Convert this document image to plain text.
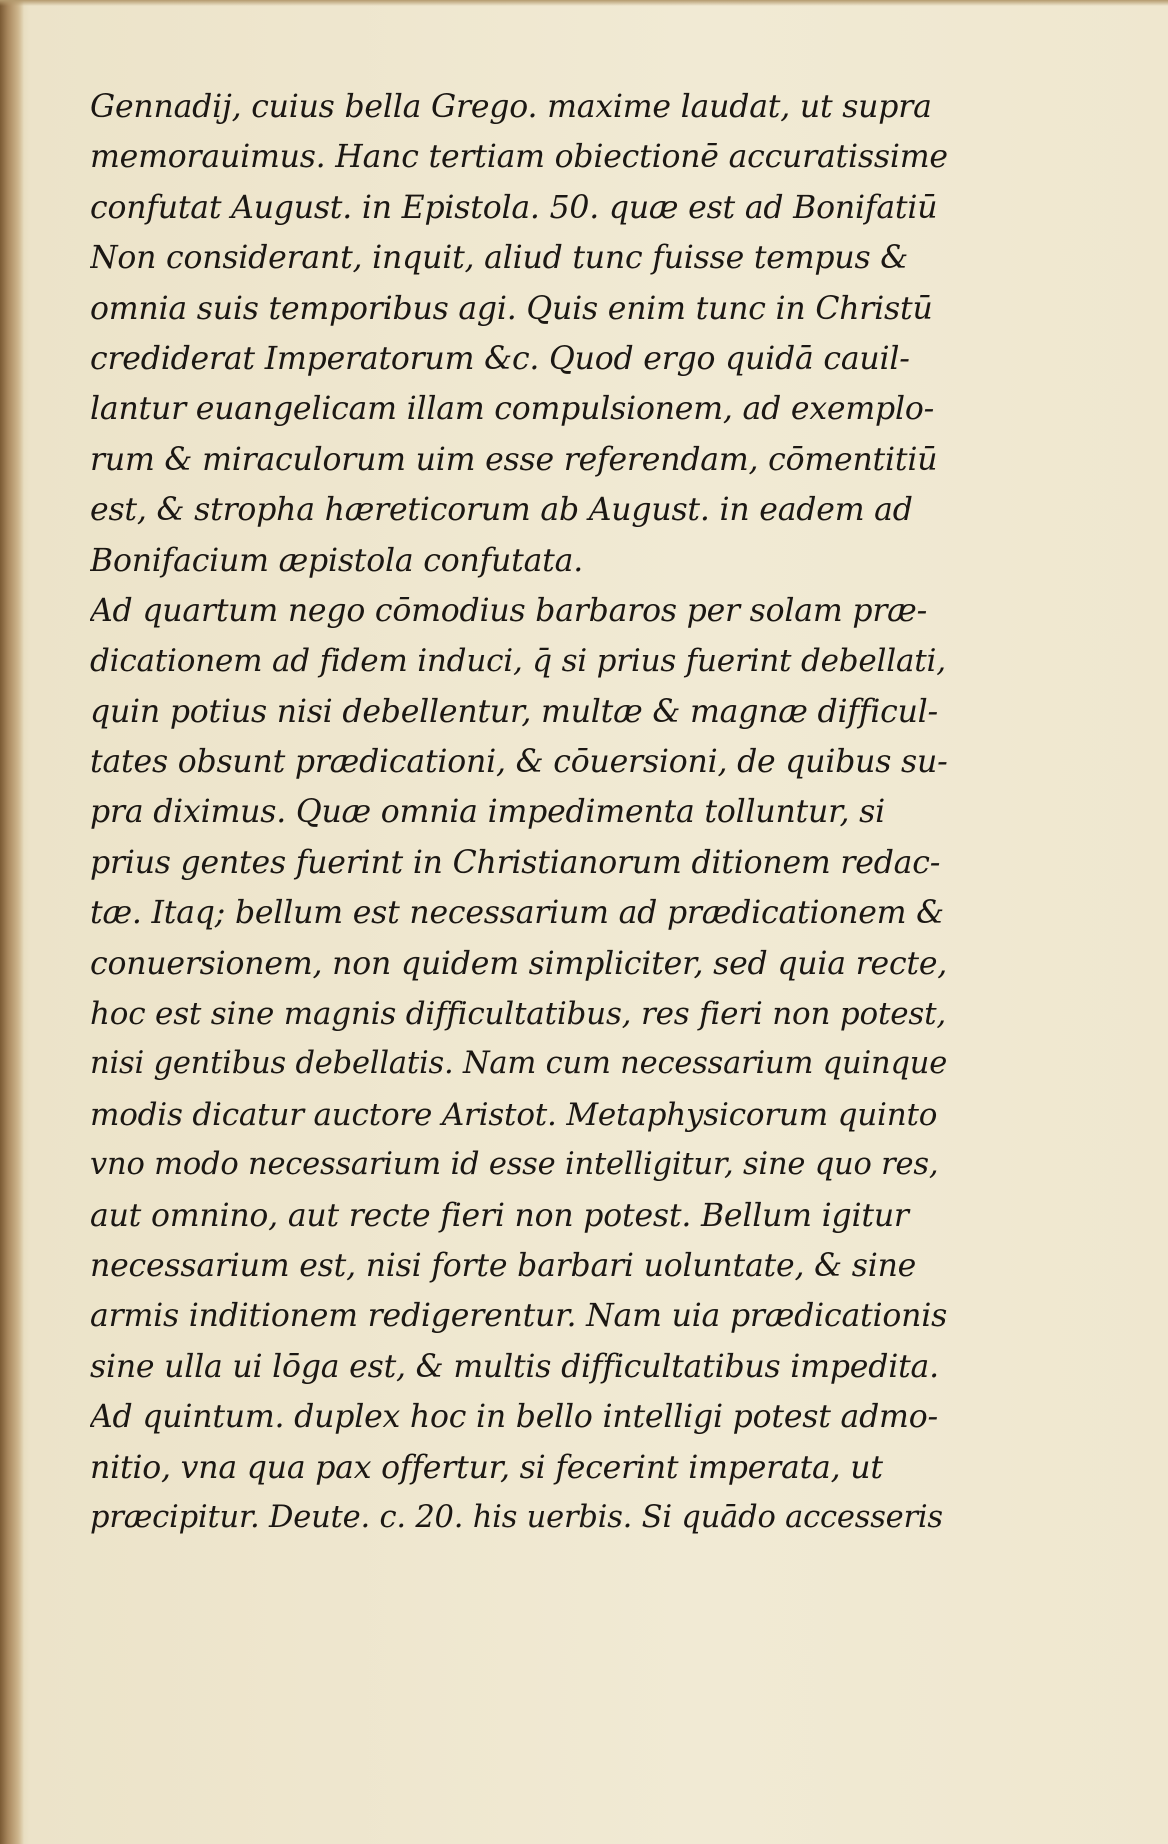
Gennadij, cuius bella Grego. maxime laudat, ut supra
memorauimus. Hanc tertiam obiectionē accuratissime
confutat August. in Epistola. 50. quæ est ad Bonifatiū
Non considerant, inquit, aliud tunc fuisse tempus &
omnia suis temporibus agi. Quis enim tunc in Christū
crediderat Imperatorum &c. Quod ergo quidā cauil-
lantur euangelicam illam compulsionem, ad exemplo-
rum & miraculorum uim esse referendam, cōmentitiū
est, & stropha hæreticorum ab August. in eadem ad
Bonifacium æpistola confutata.
Ad quartum nego cōmodius barbaros per solam præ-
dicationem ad fidem induci, q̄ si prius fuerint debellati,
quin potius nisi debellentur, multæ & magnæ difficul-
tates obsunt prædicationi, & cōuersioni, de quibus su-
pra diximus. Quæ omnia impedimenta tolluntur, si
prius gentes fuerint in Christianorum ditionem redac-
tæ. Itaq; bellum est necessarium ad prædicationem &
conuersionem, non quidem simpliciter, sed quia recte,
hoc est sine magnis difficultatibus, res fieri non potest,
nisi gentibus debellatis. Nam cum necessarium quinque
modis dicatur auctore Aristot. Metaphysicorum quinto
vno modo necessarium id esse intelligitur, sine quo res,
aut omnino, aut recte fieri non potest. Bellum igitur
necessarium est, nisi forte barbari uoluntate, & sine
armis inditionem redigerentur. Nam uia prædicationis
sine ulla ui lōga est, & multis difficultatibus impedita.
Ad quintum. duplex hoc in bello intelligi potest admo-
nitio, vna qua pax offertur, si fecerint imperata, ut
præcipitur. Deute. c. 20. his uerbis. Si quādo accesseris
